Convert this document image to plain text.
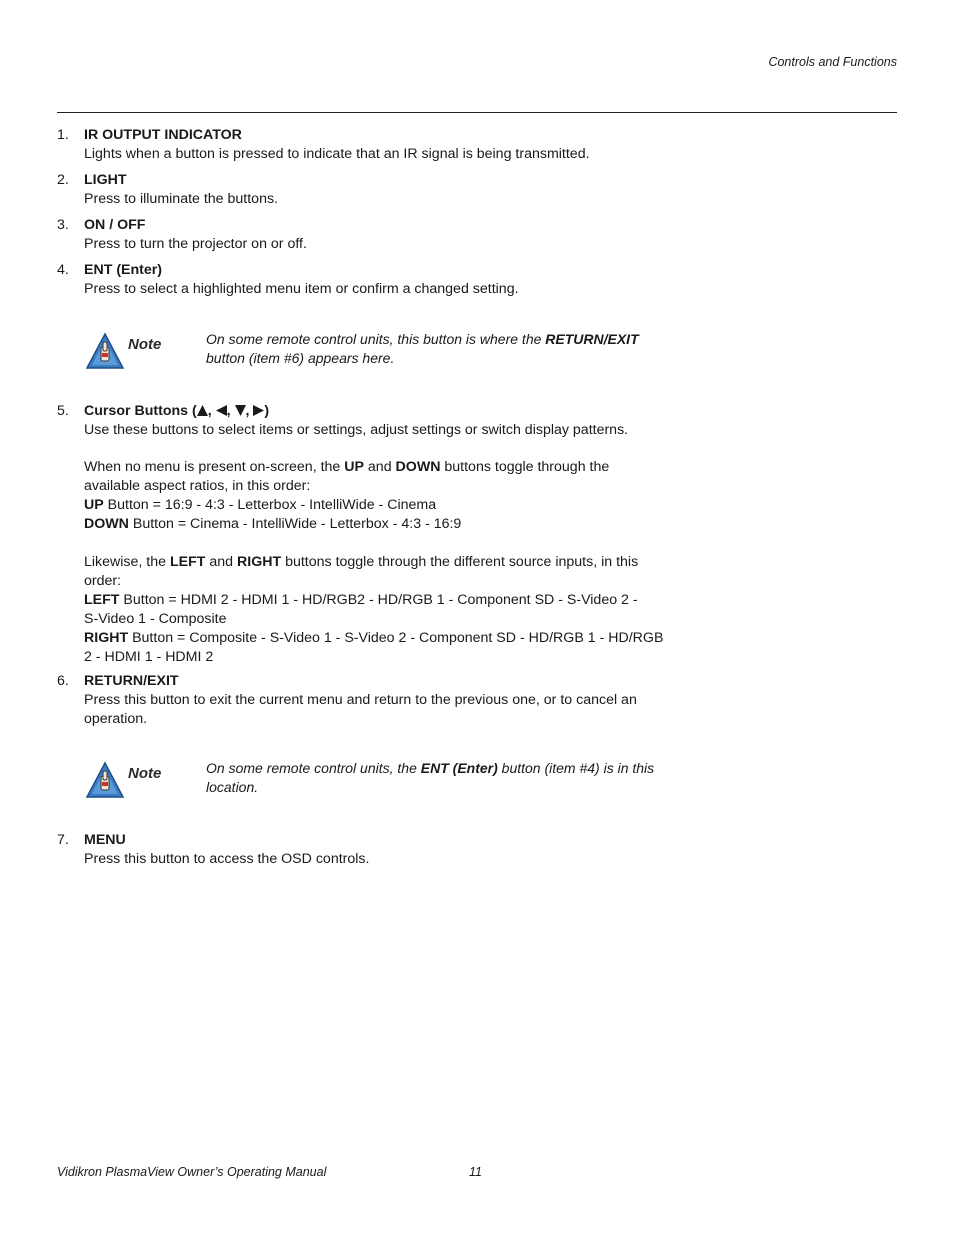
Controls and Functions
1.	IR OUTPUT INDICATOR
Lights when a button is pressed to indicate that an IR signal is being transmitted.
2.	LIGHT
Press to illuminate the buttons.
3.	ON / OFF
Press to turn the projector on or off.
4.	ENT (Enter)
Press to select a highlighted menu item or confirm a changed setting.
Note	On some remote control units, this button is where the RETURN/EXIT
button (item #6) appears here.
5.	Cursor Buttons ( , , , )
Use these buttons to select items or settings, adjust settings or switch display patterns.
When no menu is present on-screen, the UP and DOWN buttons toggle through the
available aspect ratios, in this order:
UP Button = 16:9 - 4:3 - Letterbox - IntelliWide - Cinema
DOWN Button = Cinema - IntelliWide - Letterbox - 4:3 - 16:9
Likewise, the LEFT and RIGHT buttons toggle through the different source inputs, in this
order:
LEFT Button = HDMI 2 - HDMI 1 - HD/RGB2 - HD/RGB 1 - Component SD - S-Video 2 -
S-Video 1 - Composite
RIGHT Button = Composite - S-Video 1 - S-Video 2 - Component SD - HD/RGB 1 - HD/RGB
2 - HDMI 1 - HDMI 2
6.	RETURN/EXIT
Press this button to exit the current menu and return to the previous one, or to cancel an
operation.
Note	On some remote control units, the ENT (Enter) button (item #4) is in this
location.
7.	MENU
Press this button to access the OSD controls.
Vidikron PlasmaView Owner’s Operating Manual	11
